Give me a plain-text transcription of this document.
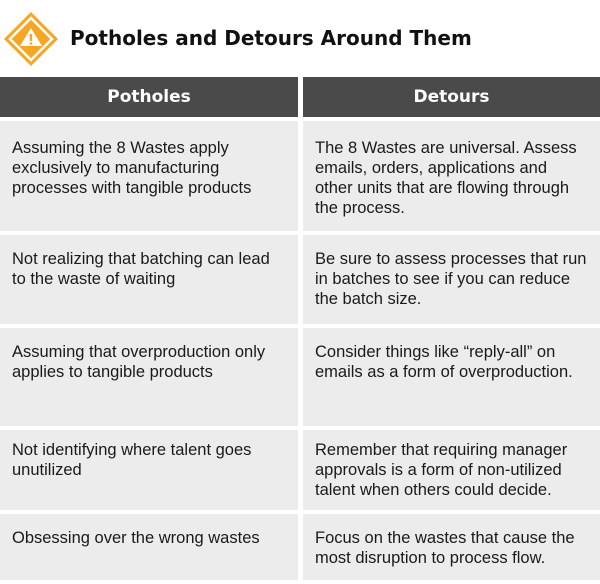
Potholes and Detours Around Them
Potholes	Detours
Assuming the 8 Wastes apply exclusively to manufacturing processes with tangible products
The 8 Wastes are universal. Assess emails, orders, applications and other units that are flowing through the process.
Not realizing that batching can lead to the waste of waiting
Be sure to assess processes that run in batches to see if you can reduce the batch size.
Assuming that overproduction only applies to tangible products
Consider things like “reply-all” on emails as a form of overproduction.
Not identifying where talent goes unutilized
Remember that requiring manager approvals is a form of non-utilized talent when others could decide.
Obsessing over the wrong wastes	Focus on the wastes that cause the most disruption to process flow.
